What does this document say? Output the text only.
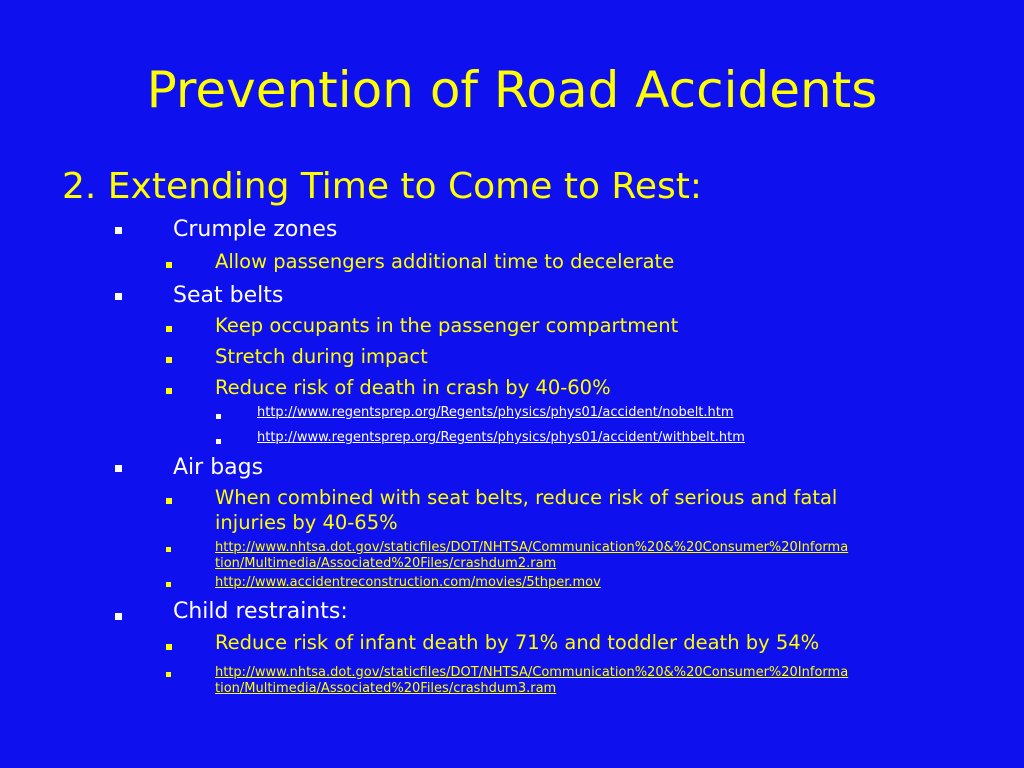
Prevention of Road Accidents
2. Extending Time to Come to Rest:
Crumple zones
Allow passengers additional time to decelerate
Seat belts
Keep occupants in the passenger compartment
Stretch during impact
Reduce risk of death in crash by 40-60%
http://www.regentsprep.org/Regents/physics/phys01/accident/nobelt.htm
http://www.regentsprep.org/Regents/physics/phys01/accident/withbelt.htm
Air bags
When combined with seat belts, reduce risk of serious and fatal
injuries by 40-65%
http://www.nhtsa.dot.gov/staticfiles/DOT/NHTSA/Communication%20&%20Consumer%20Informa
tion/Multimedia/Associated%20Files/crashdum2.ram
http://www.accidentreconstruction.com/movies/5thper.mov
Child restraints:
Reduce risk of infant death by 71% and toddler death by 54%
http://www.nhtsa.dot.gov/staticfiles/DOT/NHTSA/Communication%20&%20Consumer%20Informa
tion/Multimedia/Associated%20Files/crashdum3.ram
